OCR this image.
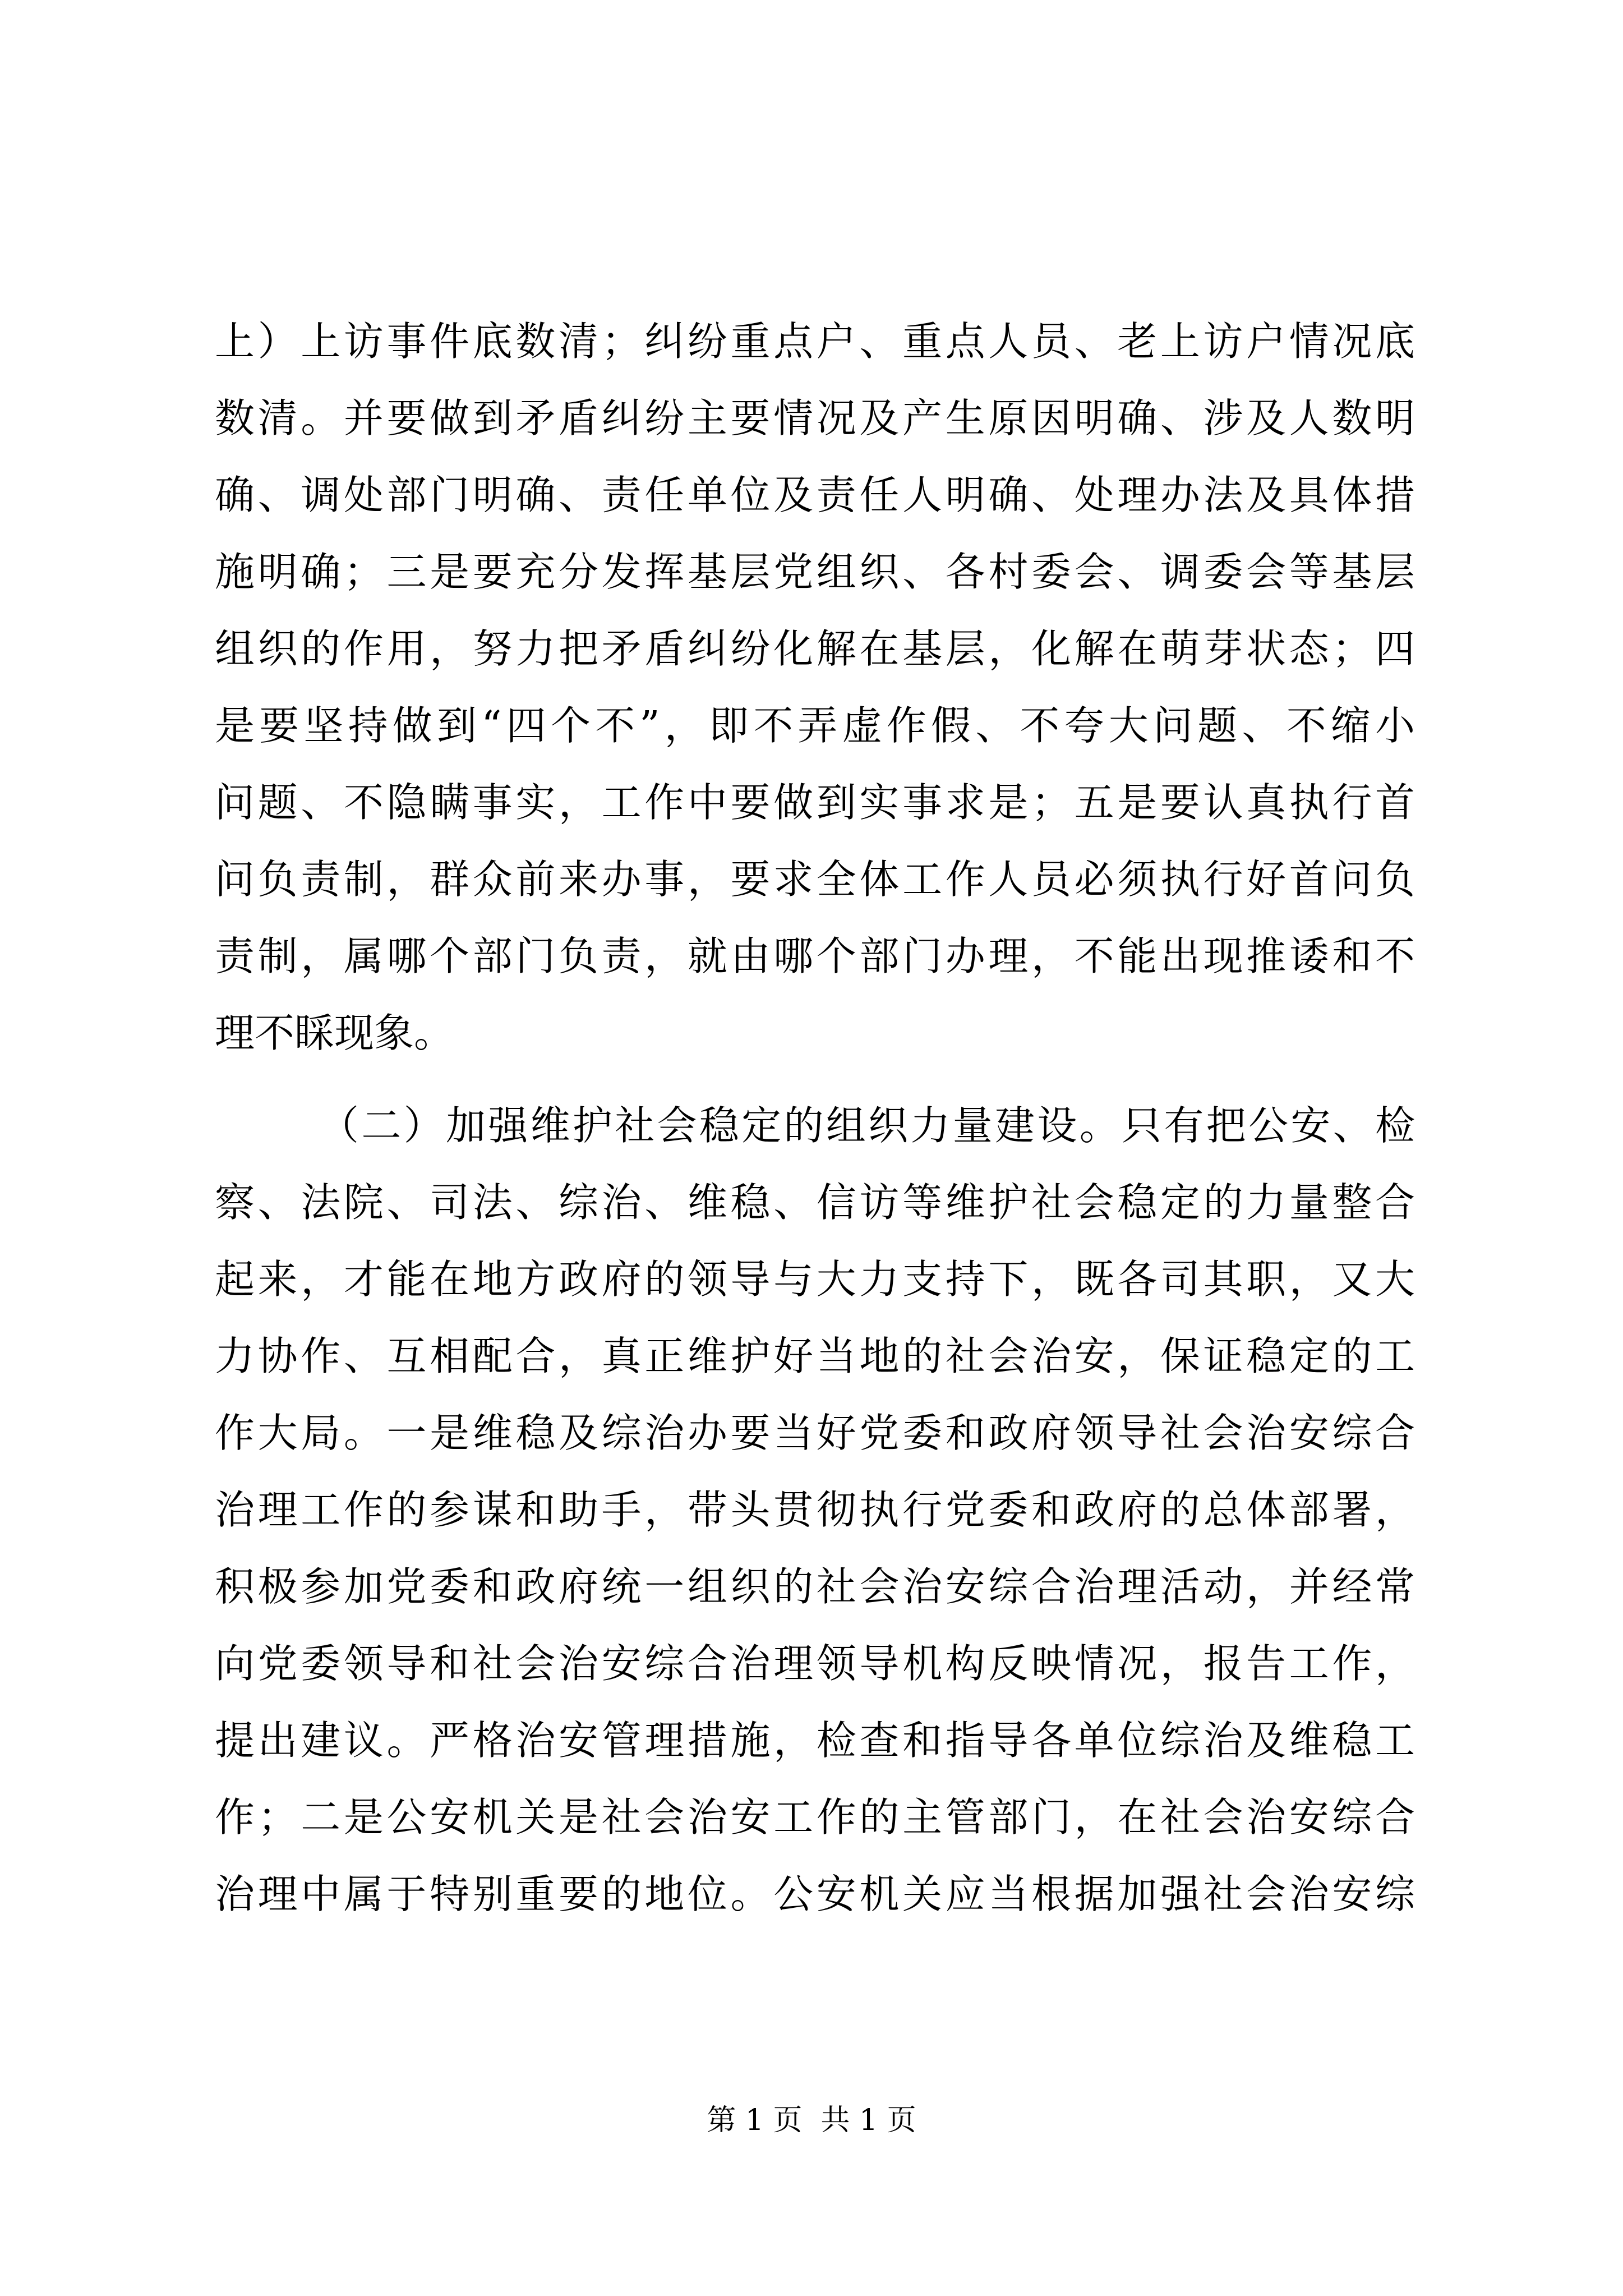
上）上访事件底数清；纠纷重点户、重点人员、老上访户情况底
数清。并要做到矛盾纠纷主要情况及产生原因明确、涉及人数明
确、调处部门明确、责任单位及责任人明确、处理办法及具体措
施明确；三是要充分发挥基层党组织、各村委会、调委会等基层
组织的作用，努力把矛盾纠纷化解在基层，化解在萌芽状态；四
是要坚持做到“四个不”，即不弄虚作假、不夸大问题、不缩小
问题、不隐瞒事实，工作中要做到实事求是；五是要认真执行首
问负责制，群众前来办事，要求全体工作人员必须执行好首问负
责制，属哪个部门负责，就由哪个部门办理，不能出现推诿和不
理不睬现象。
（二）加强维护社会稳定的组织力量建设。只有把公安、检
察、法院、司法、综治、维稳、信访等维护社会稳定的力量整合
起来，才能在地方政府的领导与大力支持下，既各司其职，又大
力协作、互相配合，真正维护好当地的社会治安，保证稳定的工
作大局。一是维稳及综治办要当好党委和政府领导社会治安综合
治理工作的参谋和助手，带头贯彻执行党委和政府的总体部署，
积极参加党委和政府统一组织的社会治安综合治理活动，并经常
向党委领导和社会治安综合治理领导机构反映情况，报告工作，
提出建议。严格治安管理措施，检查和指导各单位综治及维稳工
作；二是公安机关是社会治安工作的主管部门，在社会治安综合
治理中属于特别重要的地位。公安机关应当根据加强社会治安综
第 1 页  共 1 页
